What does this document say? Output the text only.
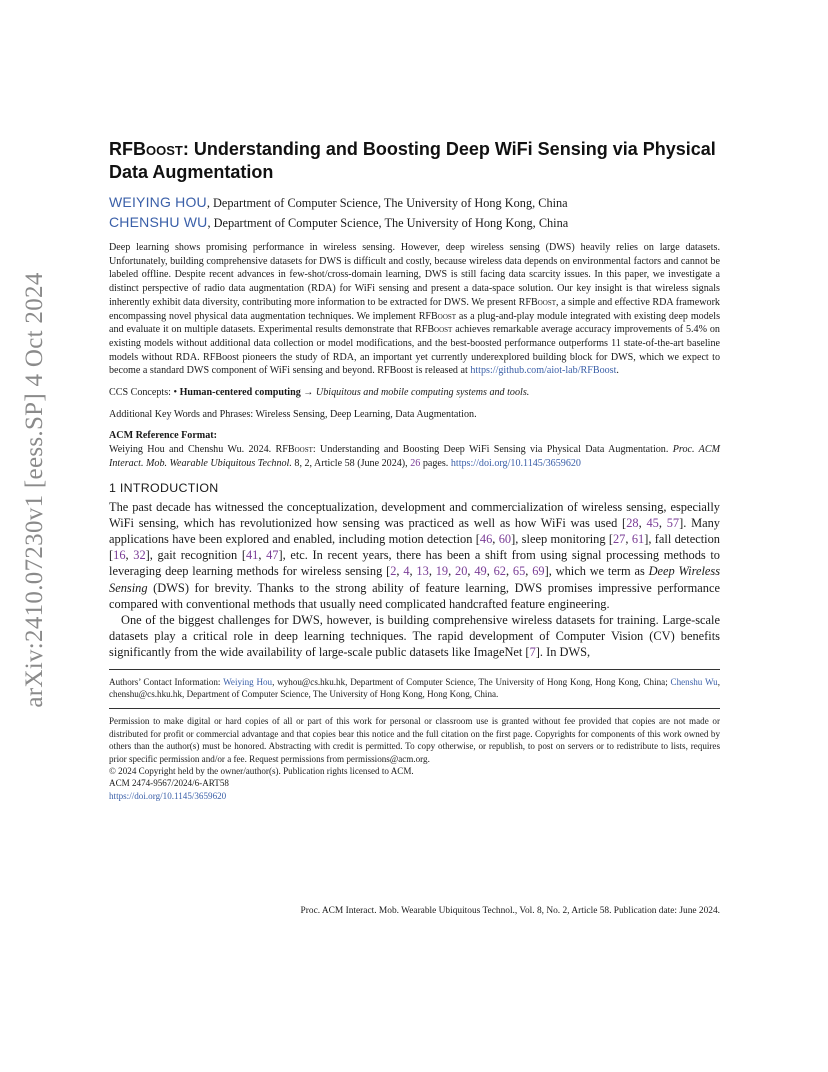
arXiv:2410.07230v1 [eess.SP] 4 Oct 2024
RFBoost: Understanding and Boosting Deep WiFi Sensing via Physical Data Augmentation
WEIYING HOU, Department of Computer Science, The University of Hong Kong, China
CHENSHU WU, Department of Computer Science, The University of Hong Kong, China

Deep learning shows promising performance in wireless sensing. However, deep wireless sensing (DWS) heavily relies on large datasets. Unfortunately, building comprehensive datasets for DWS is difficult and costly, because wireless data depends on environmental factors and cannot be labeled offline. Despite recent advances in few-shot/cross-domain learning, DWS is still facing data scarcity issues. In this paper, we investigate a distinct perspective of radio data augmentation (RDA) for WiFi sensing and present a data-space solution. Our key insight is that wireless signals inherently exhibit data diversity, contributing more information to be extracted for DWS. We present RFBoost, a simple and effective RDA framework encompassing novel physical data augmentation techniques. We implement RFBoost as a plug-and-play module integrated with existing deep models and evaluate it on multiple datasets. Experimental results demonstrate that RFBoost achieves remarkable average accuracy improvements of 5.4% on existing models without additional data collection or model modifications, and the best-boosted performance outperforms 11 state-of-the-art baseline models without RDA. RFBoost pioneers the study of RDA, an important yet currently underexplored building block for DWS, which we expect to become a standard DWS component of WiFi sensing and beyond. RFBoost is released at https://github.com/aiot-lab/RFBoost.

CCS Concepts: • Human-centered computing → Ubiquitous and mobile computing systems and tools.

Additional Key Words and Phrases: Wireless Sensing, Deep Learning, Data Augmentation.

ACM Reference Format:

Weiying Hou and Chenshu Wu. 2024. RFBoost: Understanding and Boosting Deep WiFi Sensing via Physical Data Augmentation. Proc. ACM Interact. Mob. Wearable Ubiquitous Technol. 8, 2, Article 58 (June 2024), 26 pages. https://doi.org/10.1145/3659620

1 INTRODUCTION

The past decade has witnessed the conceptualization, development and commercialization of wireless sensing, especially WiFi sensing, which has revolutionized how sensing was practiced as well as how WiFi was used [28, 45, 57]. Many applications have been explored and enabled, including motion detection [46, 60], sleep monitoring [27, 61], fall detection [16, 32], gait recognition [41, 47], etc. In recent years, there has been a shift from using signal processing methods to leveraging deep learning methods for wireless sensing [2, 4, 13, 19, 20, 49, 62, 65, 69], which we term as Deep Wireless Sensing (DWS) for brevity. Thanks to the strong ability of feature learning, DWS promises impressive performance compared with conventional methods that usually need complicated handcrafted feature engineering.

One of the biggest challenges for DWS, however, is building comprehensive wireless datasets for training. Large-scale datasets play a critical role in deep learning techniques. The rapid development of Computer Vision (CV) benefits significantly from the wide availability of large-scale public datasets like ImageNet [7]. In DWS,

Authors’ Contact Information: Weiying Hou, wyhou@cs.hku.hk, Department of Computer Science, The University of Hong Kong, Hong Kong, China; Chenshu Wu, chenshu@cs.hku.hk, Department of Computer Science, The University of Hong Kong, Hong Kong, China.

Permission to make digital or hard copies of all or part of this work for personal or classroom use is granted without fee provided that copies are not made or distributed for profit or commercial advantage and that copies bear this notice and the full citation on the first page. Copyrights for components of this work owned by others than the author(s) must be honored. Abstracting with credit is permitted. To copy otherwise, or republish, to post on servers or to redistribute to lists, requires prior specific permission and/or a fee. Request permissions from permissions@acm.org.

© 2024 Copyright held by the owner/author(s). Publication rights licensed to ACM.

ACM 2474-9567/2024/6-ART58

https://doi.org/10.1145/3659620

Proc. ACM Interact. Mob. Wearable Ubiquitous Technol., Vol. 8, No. 2, Article 58. Publication date: June 2024.
